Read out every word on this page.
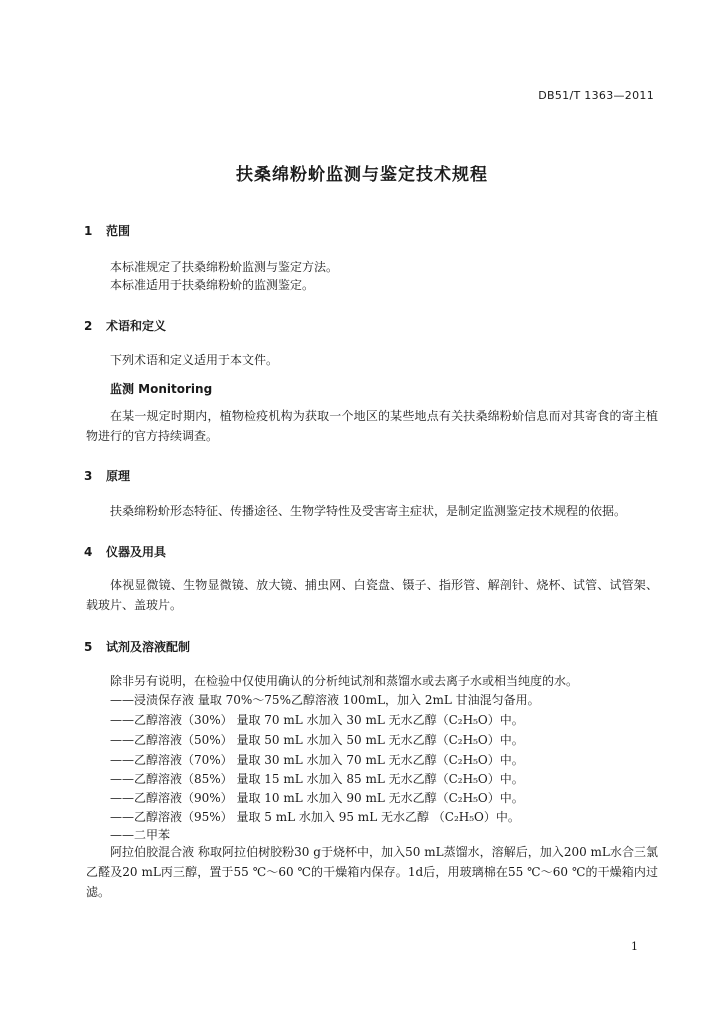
DB51/T 1363—2011
扶桑绵粉蚧监测与鉴定技术规程
1 范围
本标准规定了扶桑绵粉蚧监测与鉴定方法。
本标准适用于扶桑绵粉蚧的监测鉴定。
2 术语和定义
下列术语和定义适用于本文件。
监测 Monitoring
在某一规定时期内，植物检疫机构为获取一个地区的某些地点有关扶桑绵粉蚧信息而对其寄食的寄主植物进行的官方持续调查。
3 原理
扶桑绵粉蚧形态特征、传播途径、生物学特性及受害寄主症状，是制定监测鉴定技术规程的依据。
4 仪器及用具
体视显微镜、生物显微镜、放大镜、捕虫网、白瓷盘、镊子、指形管、解剖针、烧杯、试管、试管架、载玻片、盖玻片。
5 试剂及溶液配制
除非另有说明，在检验中仅使用确认的分析纯试剂和蒸馏水或去离子水或相当纯度的水。
——浸渍保存液 量取 70%～75%乙醇溶液 100mL，加入 2mL 甘油混匀备用。
——乙醇溶液（30%） 量取 70 mL 水加入 30 mL 无水乙醇（C₂H₅O）中。
——乙醇溶液（50%） 量取 50 mL 水加入 50 mL 无水乙醇（C₂H₅O）中。
——乙醇溶液（70%） 量取 30 mL 水加入 70 mL 无水乙醇（C₂H₅O）中。
——乙醇溶液（85%） 量取 15 mL 水加入 85 mL 无水乙醇（C₂H₅O）中。
——乙醇溶液（90%） 量取 10 mL 水加入 90 mL 无水乙醇（C₂H₅O）中。
——乙醇溶液（95%） 量取 5 mL 水加入 95 mL 无水乙醇 （C₂H₅O）中。
——二甲苯
阿拉伯胶混合液 称取阿拉伯树胶粉30 g于烧杯中，加入50 mL蒸馏水，溶解后，加入200 mL水合三氯乙醛及20 mL丙三醇，置于55 ℃～60 ℃的干燥箱内保存。1d后，用玻璃棉在55 ℃～60 ℃的干燥箱内过滤。
1
